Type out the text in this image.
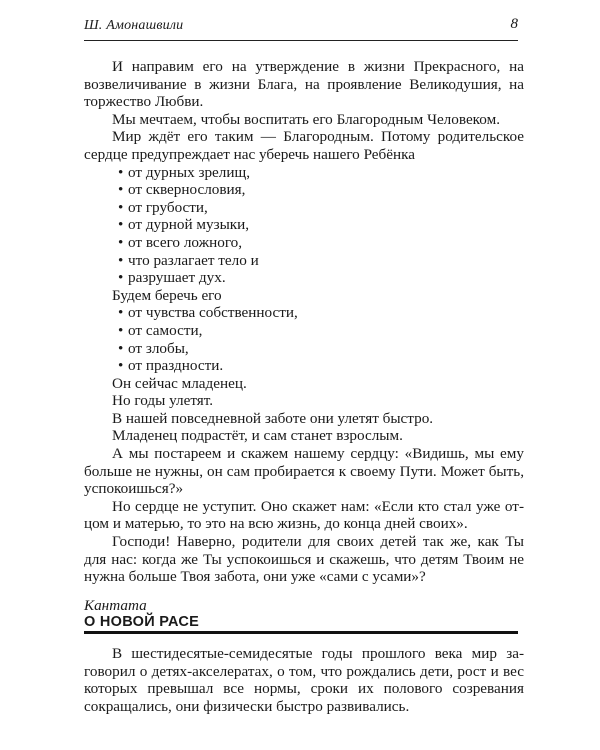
Ш. Амонашвили	8

И направим его на утверждение в жизни Прекрасного, на возвеличивание в жизни Блага, на проявление Великодушия, на торжество Любви.

Мы мечтаем, чтобы воспитать его Благородным Человеком.

Мир ждёт его таким — Благородным. Потому родительское сердце предупреждает нас уберечь нашего Ребёнка

• от дурных зрелищ,
• от сквернословия,
• от грубости,
• от дурной музыки,
• от всего ложного,
• что разлагает тело и
• разрушает дух.

Будем беречь его

• от чувства собственности,
• от самости,
• от злобы,
• от праздности.

Он сейчас младенец.

Но годы улетят.

В нашей повседневной заботе они улетят быстро.

Младенец подрастёт, и сам станет взрослым.

А мы постареем и скажем нашему сердцу: «Видишь, мы ему больше не нужны, он сам пробирается к своему Пути. Может быть, успокоишься?»

Но сердце не уступит. Оно скажет нам: «Если кто стал уже отцом и матерью, то это на всю жизнь, до конца дней своих».

Господи! Наверно, родители для своих детей так же, как Ты для нас: когда же Ты успокоишься и скажешь, что детям Твоим не нужна больше Твоя забота, они уже «сами с усами»?

Кантата
О НОВОЙ РАСЕ

В шестидесятые-семидесятые годы прошлого века мир заговорил о детях-акселератах, о том, что рождались дети, рост и вес которых превышал все нормы, сроки их полового созревания сокращались, они физически быстро развивались.
